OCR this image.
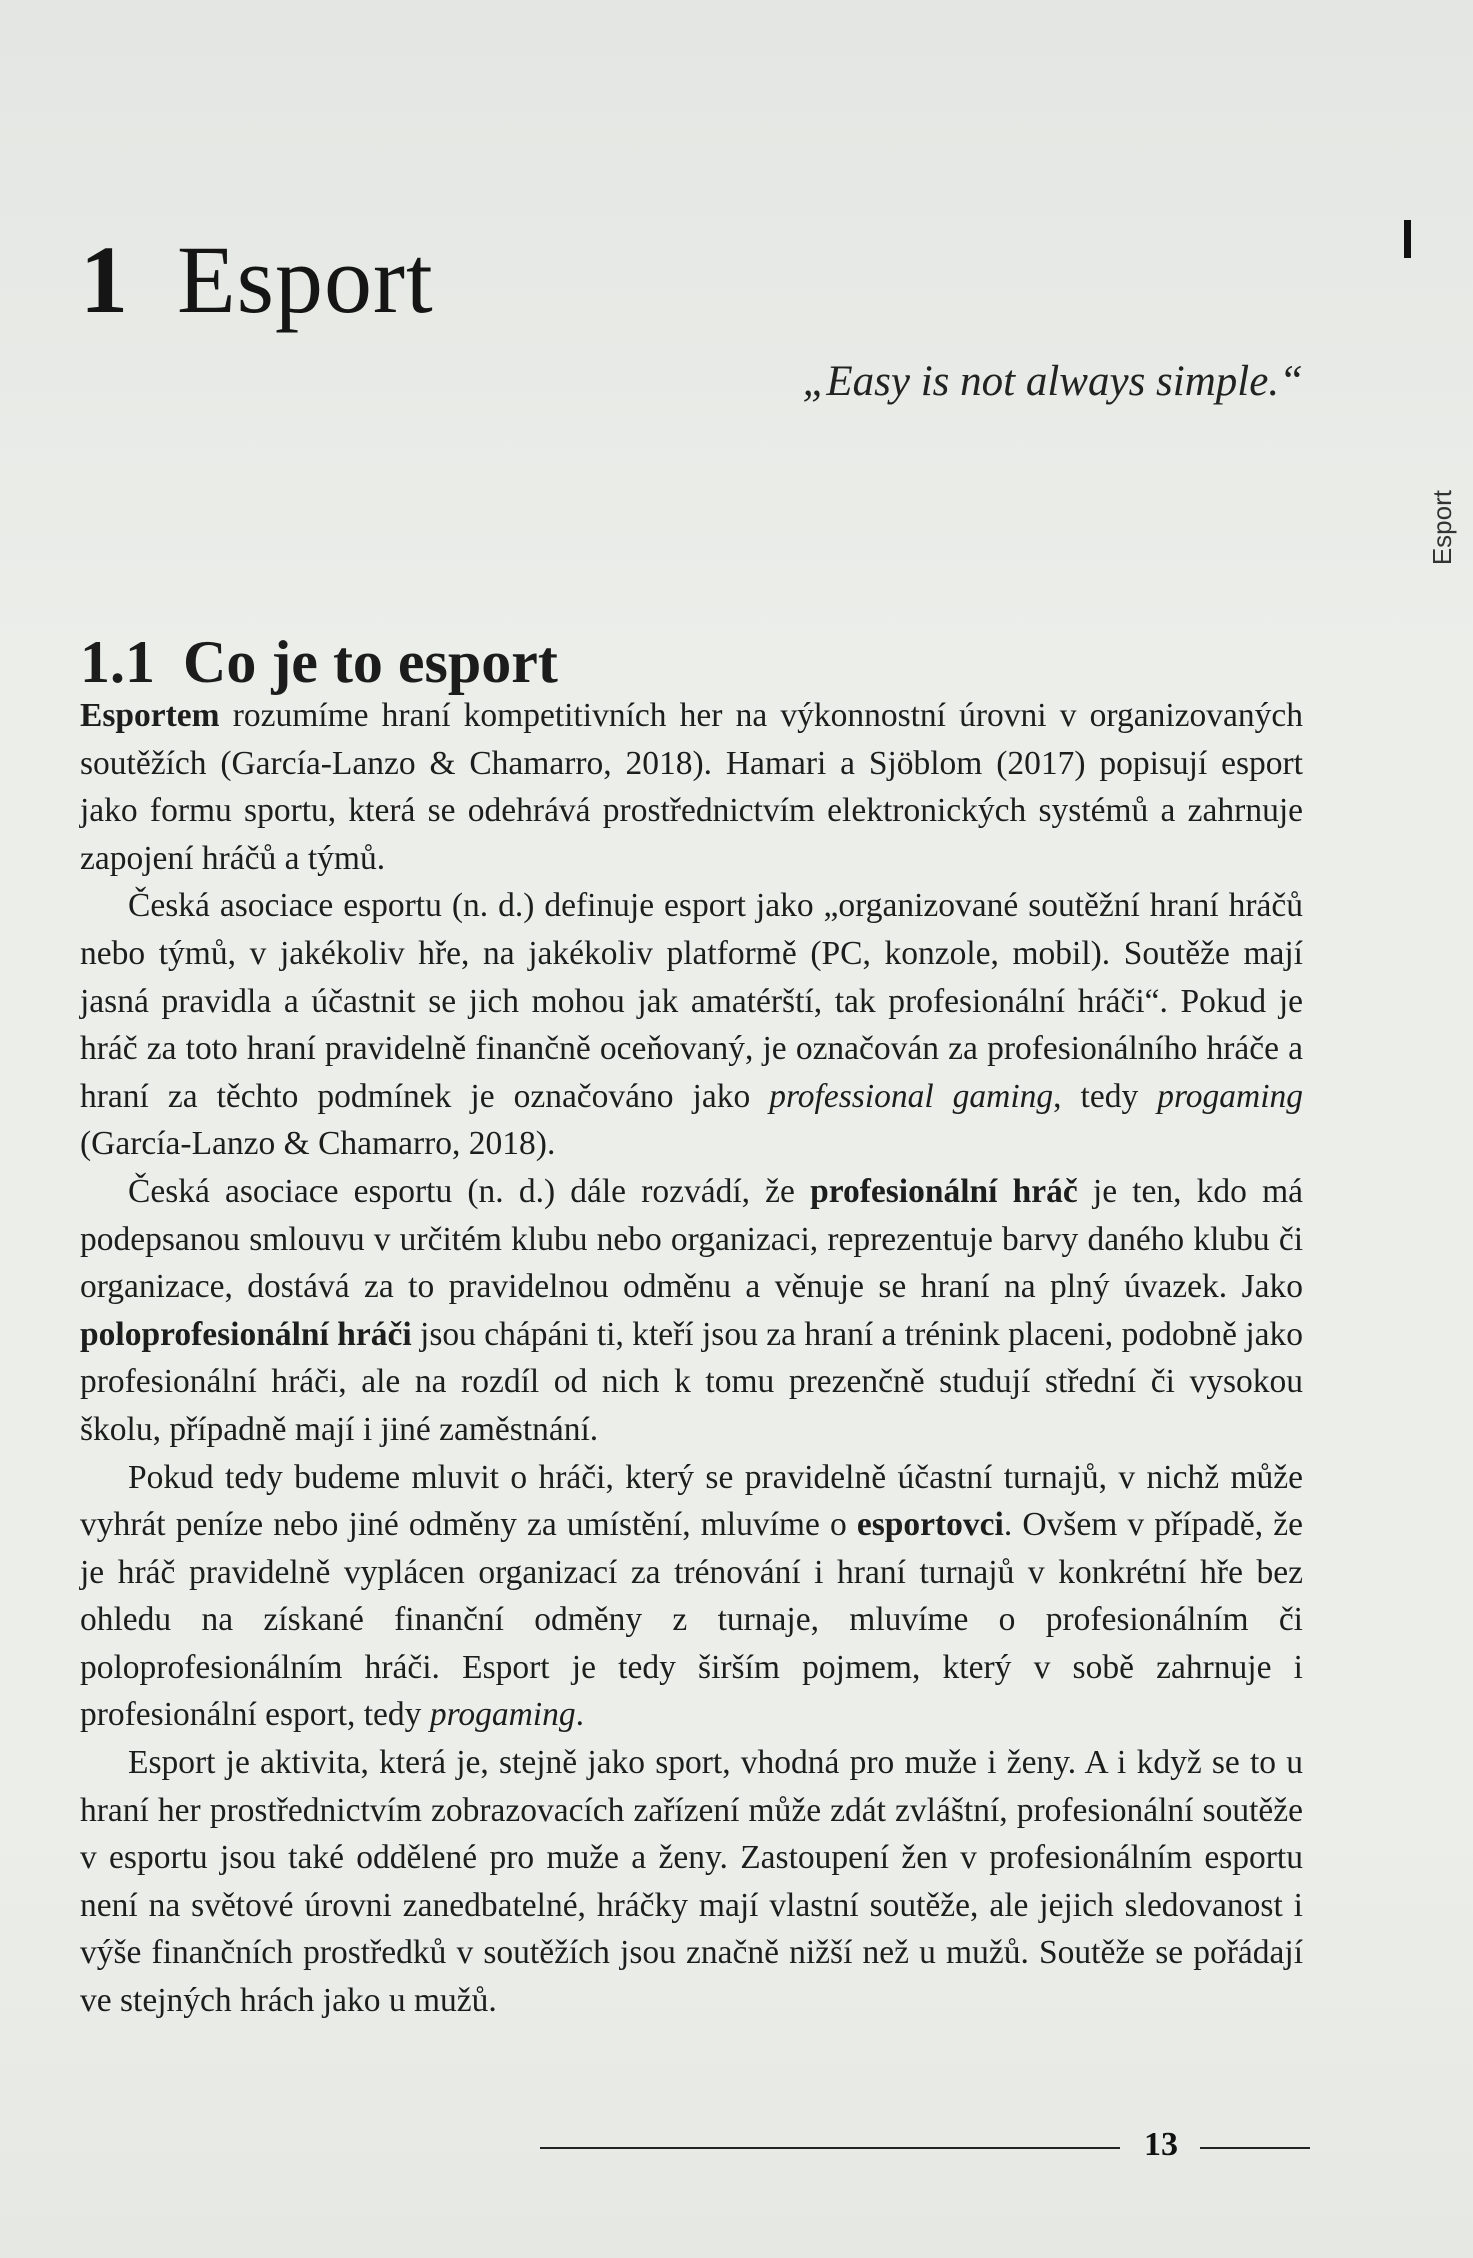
1 Esport
„Easy is not always simple.“
Esport
1.1 Co je to esport

Esportem rozumíme hraní kompetitivních her na výkonnostní úrovni v organizovaných soutěžích (García-Lanzo & Chamarro, 2018). Hamari a Sjöblom (2017) popisují esport jako formu sportu, která se odehrává prostřednictvím elektronických systémů a zahrnuje zapojení hráčů a týmů.

Česká asociace esportu (n. d.) definuje esport jako „organizované soutěžní hraní hráčů nebo týmů, v jakékoliv hře, na jakékoliv platformě (PC, konzole, mobil). Soutěže mají jasná pravidla a účastnit se jich mohou jak amatérští, tak profesionální hráči“. Pokud je hráč za toto hraní pravidelně finančně oceňovaný, je označován za profesionálního hráče a hraní za těchto podmínek je označováno jako professional gaming, tedy progaming (García-Lanzo & Chamarro, 2018).

Česká asociace esportu (n. d.) dále rozvádí, že profesionální hráč je ten, kdo má podepsanou smlouvu v určitém klubu nebo organizaci, reprezentuje barvy daného klubu či organizace, dostává za to pravidelnou odměnu a věnuje se hraní na plný úvazek. Jako poloprofesionální hráči jsou chápáni ti, kteří jsou za hraní a trénink placeni, podobně jako profesionální hráči, ale na rozdíl od nich k tomu prezenčně studují střední či vysokou školu, případně mají i jiné zaměstnání.

Pokud tedy budeme mluvit o hráči, který se pravidelně účastní turnajů, v nichž může vyhrát peníze nebo jiné odměny za umístění, mluvíme o esportovci. Ovšem v případě, že je hráč pravidelně vyplácen organizací za trénování i hraní turnajů v konkrétní hře bez ohledu na získané finanční odměny z turnaje, mluvíme o profesionálním či poloprofesionálním hráči. Esport je tedy širším pojmem, který v sobě zahrnuje i profesionální esport, tedy progaming.

Esport je aktivita, která je, stejně jako sport, vhodná pro muže i ženy. A i když se to u hraní her prostřednictvím zobrazovacích zařízení může zdát zvláštní, profesionální soutěže v esportu jsou také oddělené pro muže a ženy. Zastoupení žen v profesionálním esportu není na světové úrovni zanedbatelné, hráčky mají vlastní soutěže, ale jejich sledovanost i výše finančních prostředků v soutěžích jsou značně nižší než u mužů. Soutěže se pořádají ve stejných hrách jako u mužů.

13
